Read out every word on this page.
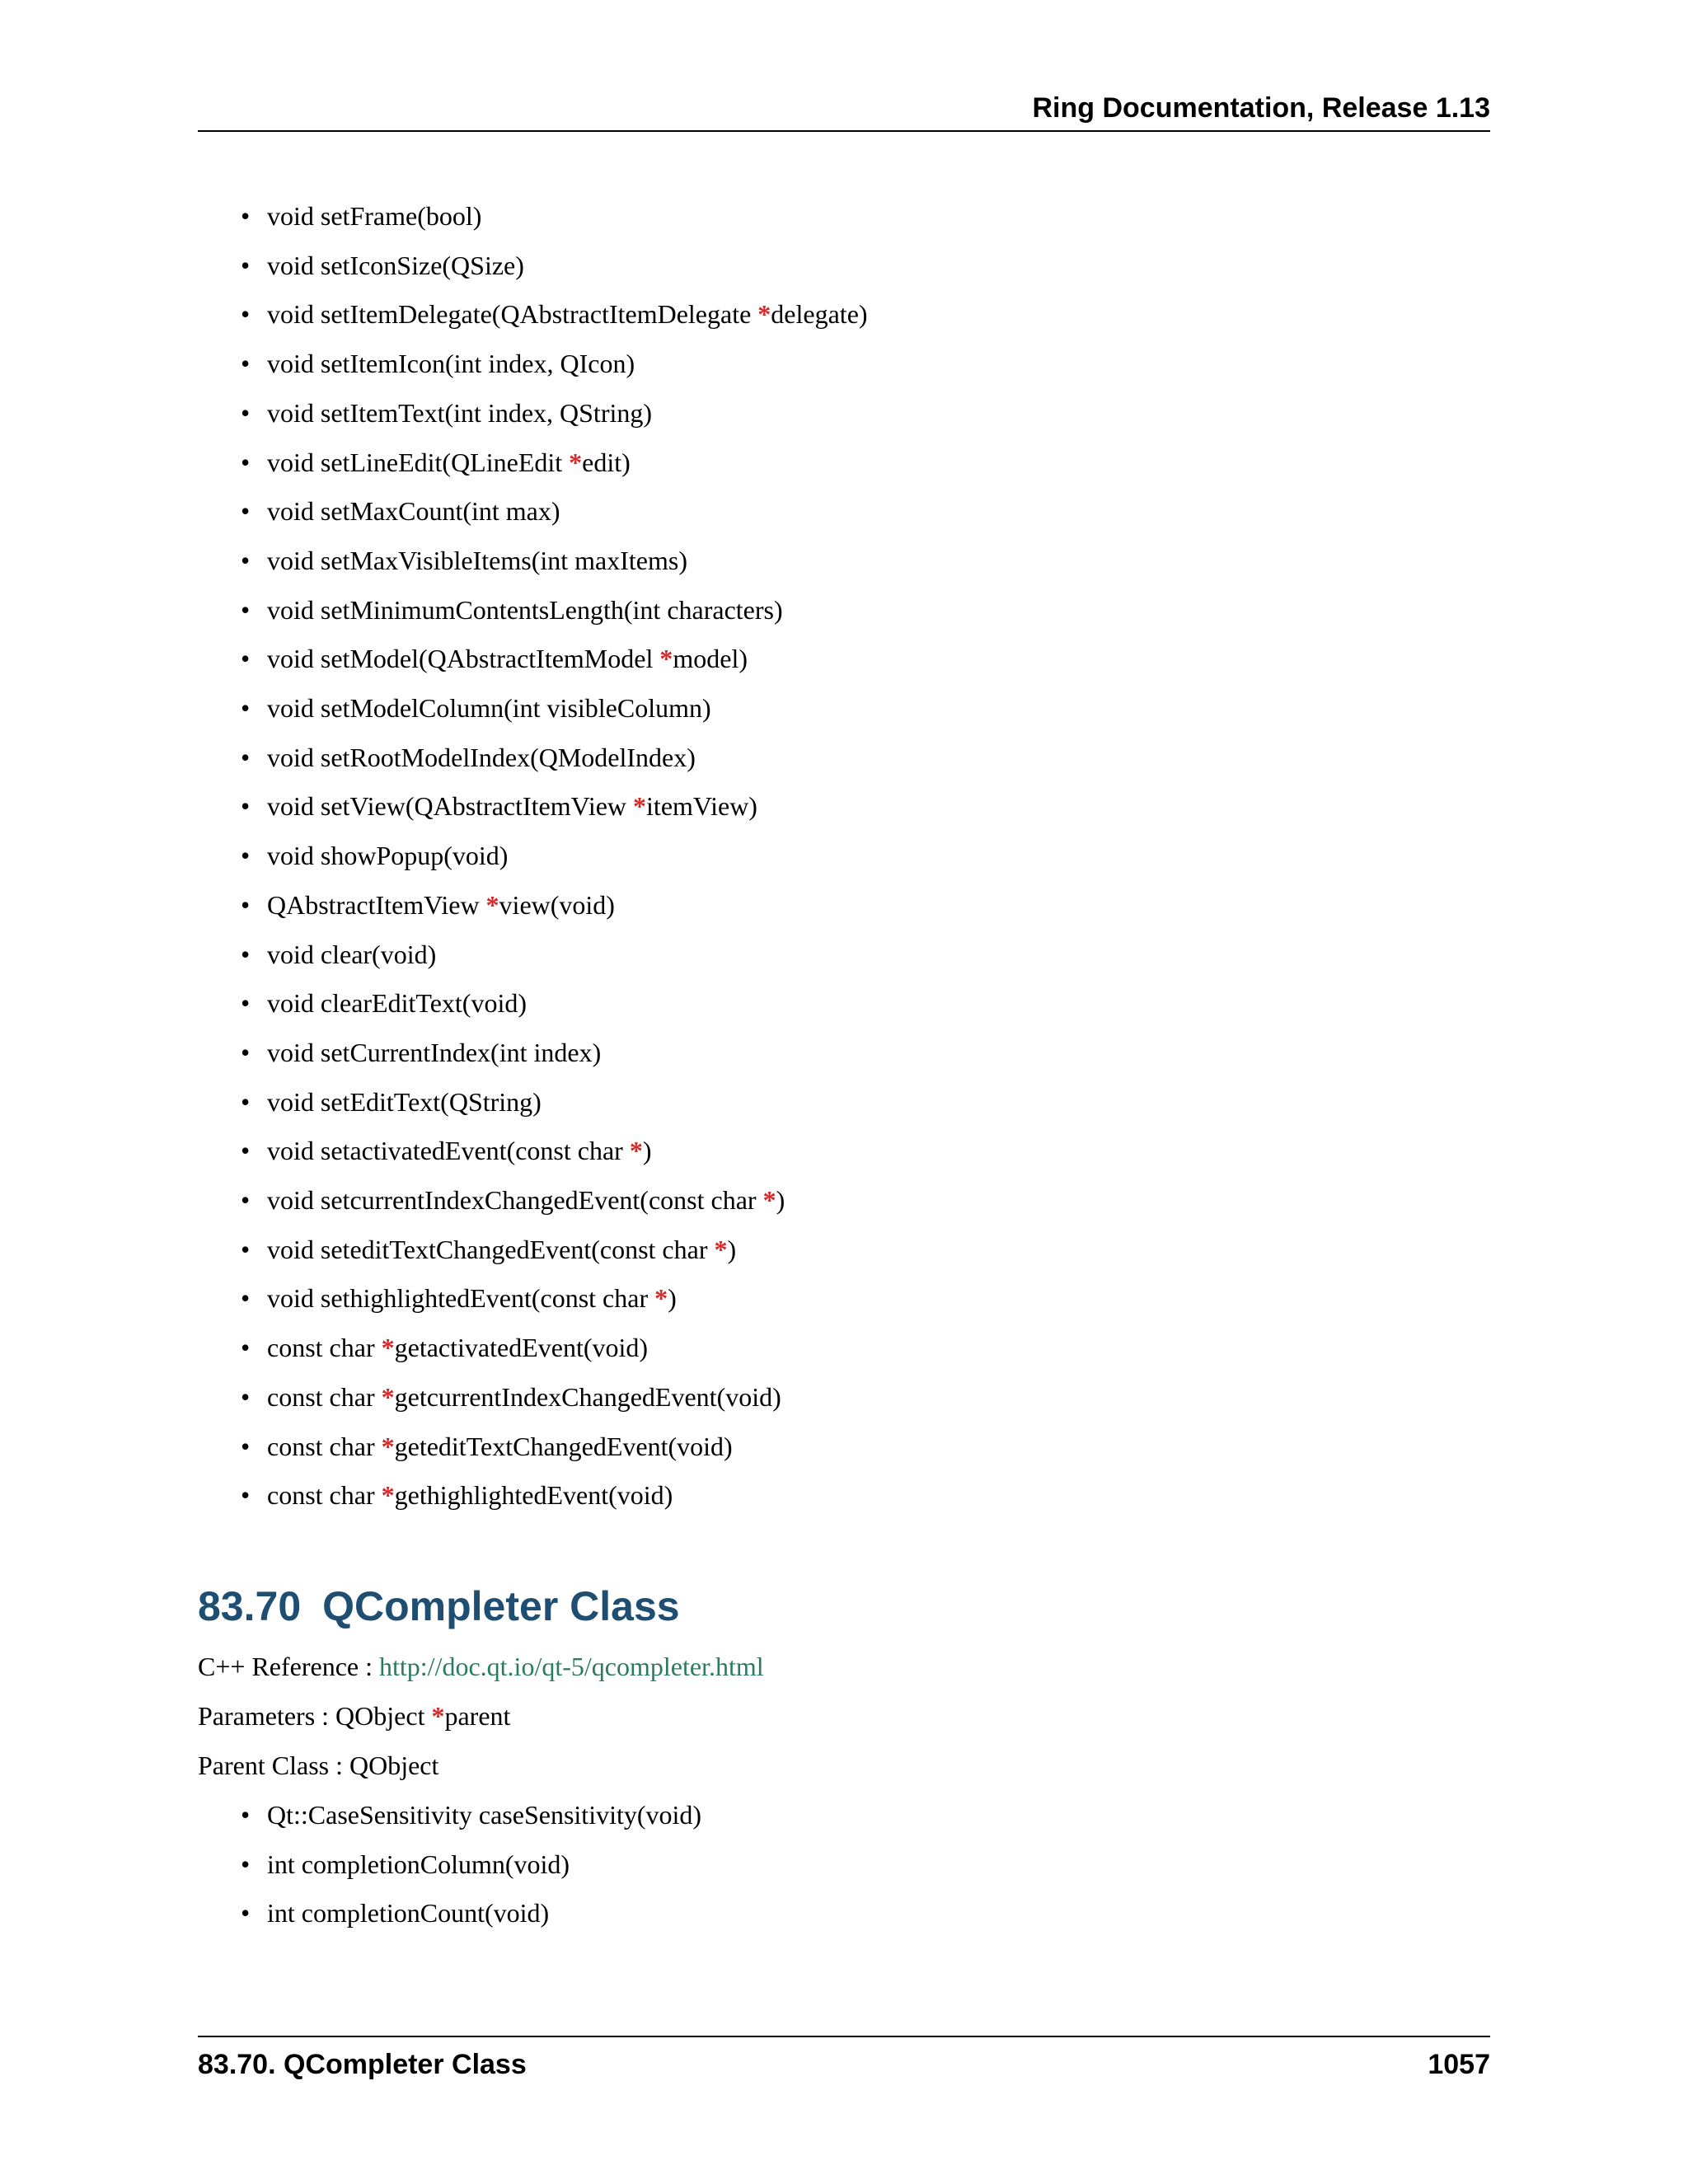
Ring Documentation, Release 1.13
• void setFrame(bool)
• void setIconSize(QSize)
• void setItemDelegate(QAbstractItemDelegate *delegate)
• void setItemIcon(int index, QIcon)
• void setItemText(int index, QString)
• void setLineEdit(QLineEdit *edit)
• void setMaxCount(int max)
• void setMaxVisibleItems(int maxItems)
• void setMinimumContentsLength(int characters)
• void setModel(QAbstractItemModel *model)
• void setModelColumn(int visibleColumn)
• void setRootModelIndex(QModelIndex)
• void setView(QAbstractItemView *itemView)
• void showPopup(void)
• QAbstractItemView *view(void)
• void clear(void)
• void clearEditText(void)
• void setCurrentIndex(int index)
• void setEditText(QString)
• void setactivatedEvent(const char *)
• void setcurrentIndexChangedEvent(const char *)
• void seteditTextChangedEvent(const char *)
• void sethighlightedEvent(const char *)
• const char *getactivatedEvent(void)
• const char *getcurrentIndexChangedEvent(void)
• const char *geteditTextChangedEvent(void)
• const char *gethighlightedEvent(void)
83.70 QCompleter Class
C++ Reference : http://doc.qt.io/qt-5/qcompleter.html
Parameters : QObject *parent
Parent Class : QObject
• Qt::CaseSensitivity caseSensitivity(void)
• int completionColumn(void)
• int completionCount(void)
83.70. QCompleter Class	1057
